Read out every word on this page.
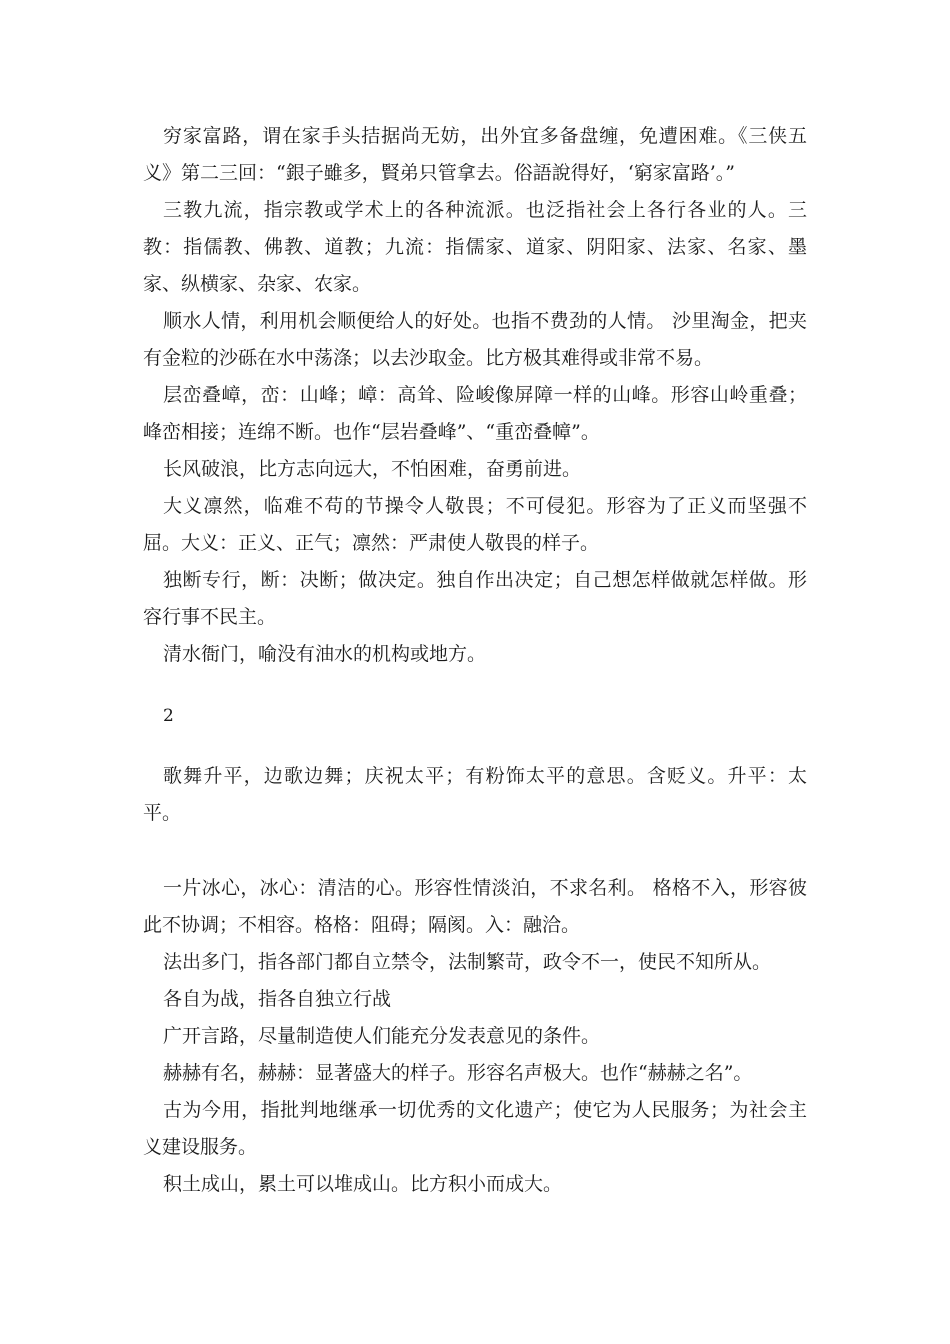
穷家富路，谓在家手头拮据尚无妨，出外宜多备盘缠，免遭困难。《三侠五义》第二三回：“銀子雖多，賢弟只管拿去。俗語說得好，‘窮家富路’。”

三教九流，指宗教或学术上的各种流派。也泛指社会上各行各业的人。三教：指儒教、佛教、道教；九流：指儒家、道家、阴阳家、法家、名家、墨家、纵横家、杂家、农家。

顺水人情，利用机会顺便给人的好处。也指不费劲的人情。 沙里淘金，把夹有金粒的沙砾在水中荡涤；以去沙取金。比方极其难得或非常不易。

层峦叠嶂，峦：山峰；嶂：高耸、险峻像屏障一样的山峰。形容山岭重叠；峰峦相接；连绵不断。也作“层岩叠峰”、“重峦叠幛”。

长风破浪，比方志向远大，不怕困难，奋勇前进。

大义凛然，临难不苟的节操令人敬畏；不可侵犯。形容为了正义而坚强不屈。大义：正义、正气；凛然：严肃使人敬畏的样子。

独断专行，断：决断；做决定。独自作出决定；自己想怎样做就怎样做。形容行事不民主。

清水衙门，喻没有油水的机构或地方。

2

歌舞升平，边歌边舞；庆祝太平；有粉饰太平的意思。含贬义。升平：太平。

一片冰心，冰心：清洁的心。形容性情淡泊，不求名利。 格格不入，形容彼此不协调；不相容。格格：阻碍；隔阂。入：融洽。

法出多门，指各部门都自立禁令，法制繁苛，政令不一，使民不知所从。

各自为战，指各自独立行战

广开言路，尽量制造使人们能充分发表意见的条件。

赫赫有名，赫赫：显著盛大的样子。形容名声极大。也作“赫赫之名”。

古为今用，指批判地继承一切优秀的文化遗产；使它为人民服务；为社会主义建设服务。

积土成山，累土可以堆成山。比方积小而成大。
